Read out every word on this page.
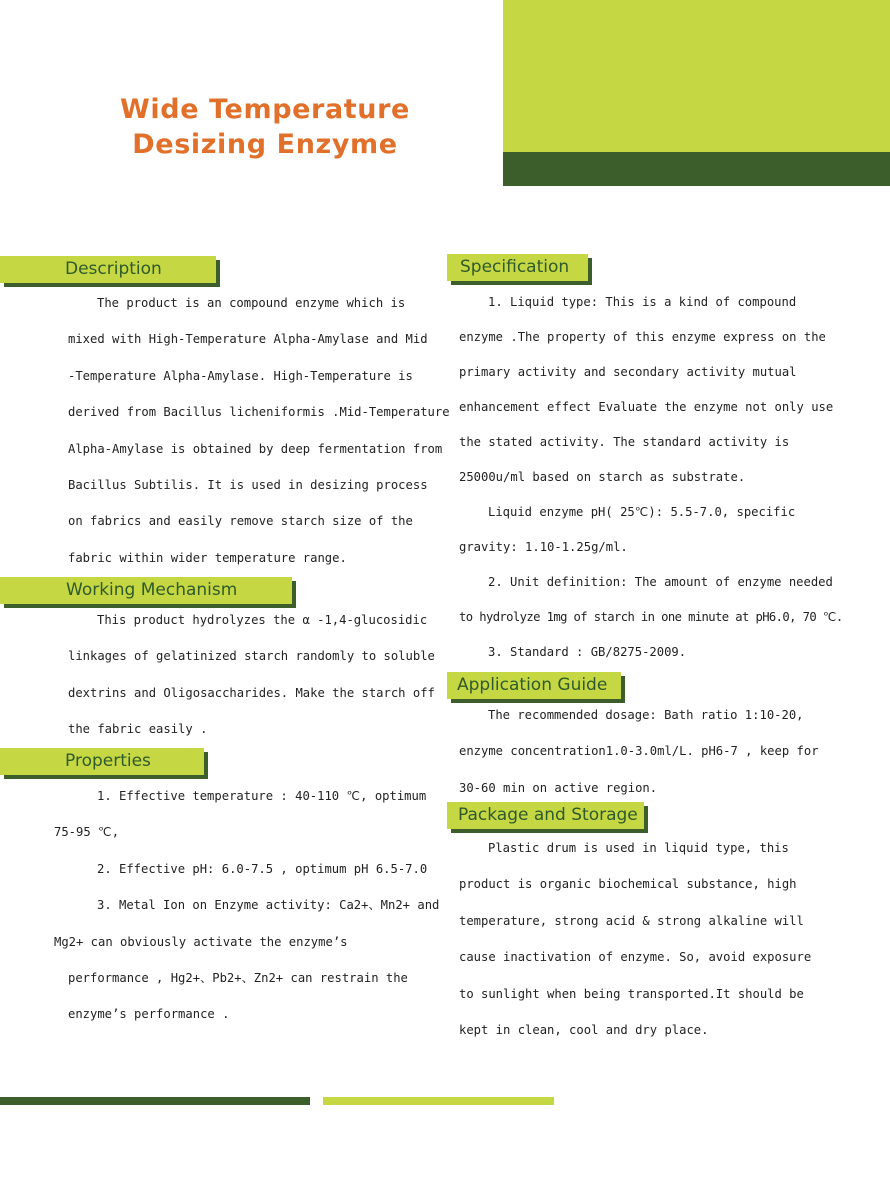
Wide Temperature
Desizing Enzyme
Description

The product is an compound enzyme which is

mixed with High-Temperature Alpha-Amylase and Mid

-Temperature Alpha-Amylase. High-Temperature is

derived from Bacillus licheniformis .Mid-Temperature

Alpha-Amylase is obtained by deep fermentation from

Bacillus Subtilis. It is used in desizing process

on fabrics and easily remove starch size of the

fabric within wider temperature range.

Working Mechanism

This product hydrolyzes the α -1,4-glucosidic

linkages of gelatinized starch randomly to soluble

dextrins and Oligosaccharides. Make the starch off

the fabric easily .

Properties

1. Effective temperature : 40-110 ℃, optimum

75-95 ℃,

2. Effective pH: 6.0-7.5 , optimum pH 6.5-7.0

3. Metal Ion on Enzyme activity: Ca2+、Mn2+ and

Mg2+ can obviously activate the enzyme’s

performance , Hg2+、Pb2+、Zn2+ can restrain the

enzyme’s performance .

Specification

1. Liquid type: This is a kind of compound

enzyme .The property of this enzyme express on the

primary activity and secondary activity mutual

enhancement effect Evaluate the enzyme not only use

the stated activity. The standard activity is

25000u/ml based on starch as substrate.

Liquid enzyme pH( 25℃): 5.5-7.0, specific

gravity: 1.10-1.25g/ml.

2. Unit definition: The amount of enzyme needed

to hydrolyze 1mg of starch in one minute at pH6.0, 70 ℃.

3. Standard : GB/8275-2009.

Application Guide

The recommended dosage: Bath ratio 1:10-20,

enzyme concentration1.0-3.0ml/L. pH6-7 , keep for

30-60 min on active region.

Package and Storage

Plastic drum is used in liquid type, this

product is organic biochemical substance, high

temperature, strong acid & strong alkaline will

cause inactivation of enzyme. So, avoid exposure

to sunlight when being transported.It should be

kept in clean, cool and dry place.
